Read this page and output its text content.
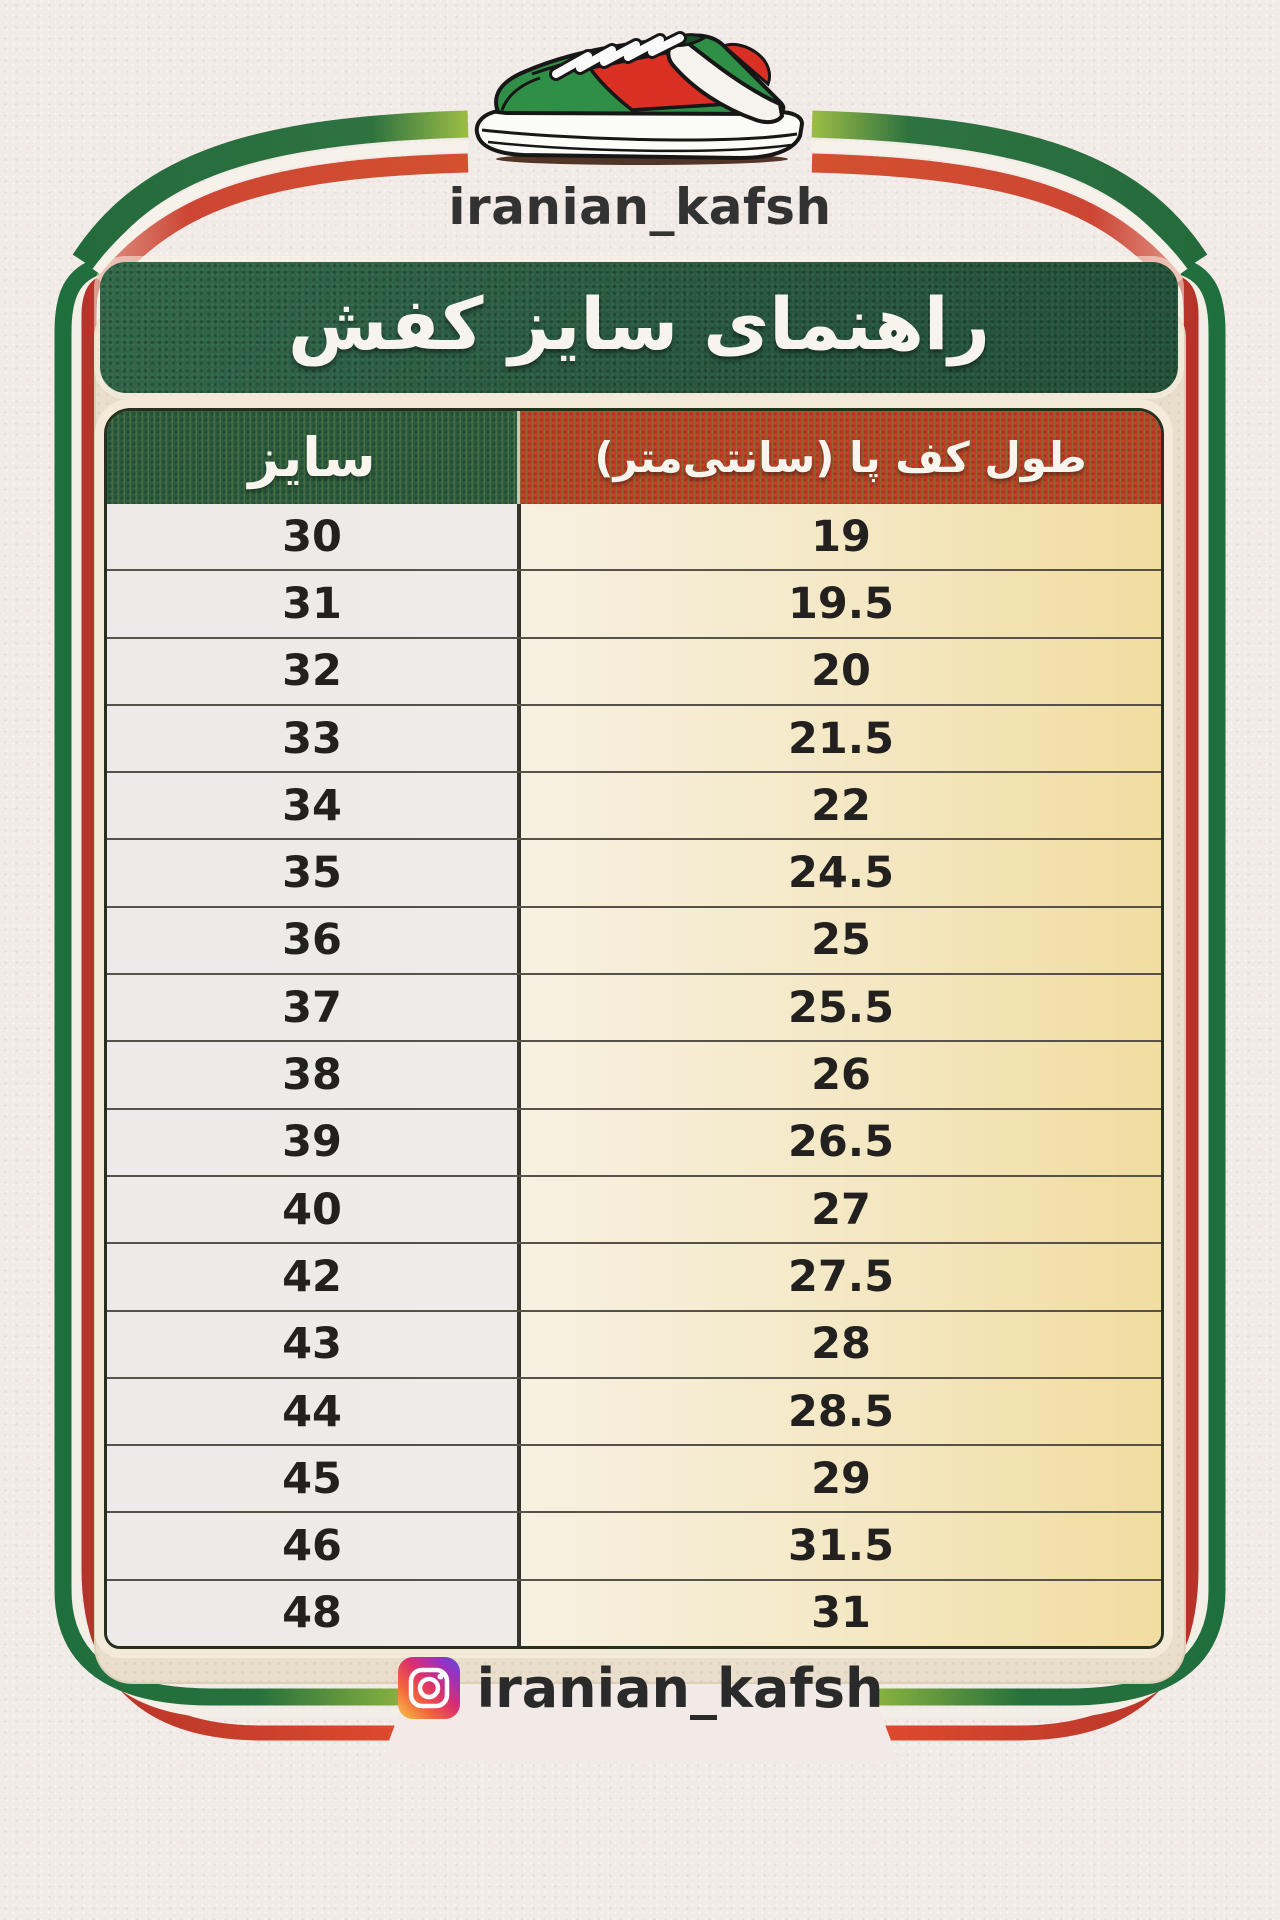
iranian_kafsh
راهنمای سایز کفش
سایز	طول کف پا (سانتی‌متر)
30	19
31	19.5
32	20
33	21.5
34	22
35	24.5
36	25
37	25.5
38	26
39	26.5
40	27
42	27.5
43	28
44	28.5
45	29
46	31.5
48	31
iranian_kafsh
